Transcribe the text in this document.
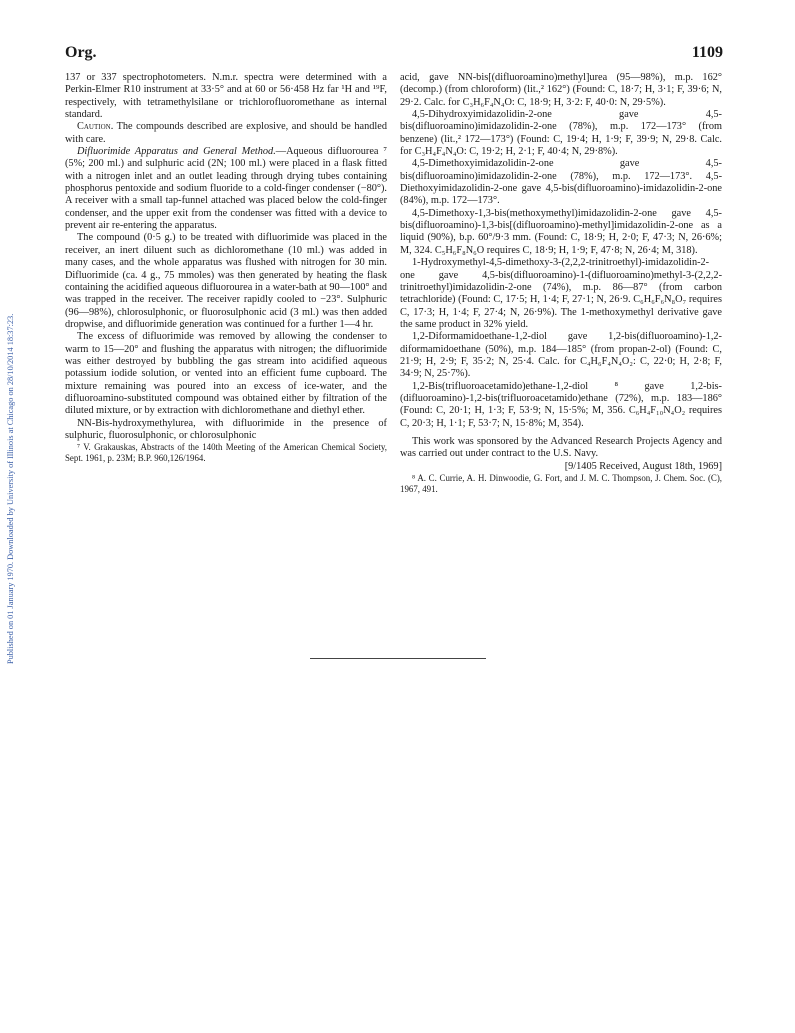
Published on 01 January 1970. Downloaded by University of Illinois at Chicago on 28/10/2014 18:37:23.
Org.	1109

137 or 337 spectrophotometers. N.m.r. spectra were determined with a Perkin-Elmer R10 instrument at 33·5° and at 60 or 56·458 Hz far ¹H and ¹⁹F, respectively, with tetramethylsilane or trichlorofluoromethane as internal standard.

Caution. The compounds described are explosive, and should be handled with care.

Difluorimide Apparatus and General Method.—Aqueous difluorourea ⁷ (5%; 200 ml.) and sulphuric acid (2N; 100 ml.) were placed in a flask fitted with a nitrogen inlet and an outlet leading through drying tubes containing phosphorus pentoxide and sodium fluoride to a cold-finger condenser (−80°). A receiver with a small tap-funnel attached was placed below the cold-finger condenser, and the upper exit from the condenser was fitted with a device to prevent air re-entering the apparatus.

The compound (0·5 g.) to be treated with difluorimide was placed in the receiver, an inert diluent such as dichloromethane (10 ml.) was added in many cases, and the whole apparatus was flushed with nitrogen for 30 min. Difluorimide (ca. 4 g., 75 mmoles) was then generated by heating the flask containing the acidified aqueous difluorourea in a water-bath at 90—100° and was trapped in the receiver. The receiver rapidly cooled to −23°. Sulphuric (96—98%), chlorosulphonic, or fluorosulphonic acid (3 ml.) was then added dropwise, and difluorimide generation was continued for a further 1—4 hr.

The excess of difluorimide was removed by allowing the condenser to warm to 15—20° and flushing the apparatus with nitrogen; the difluorimide was either destroyed by bubbling the gas stream into acidified aqueous potassium iodide solution, or vented into an efficient fume cupboard. The mixture remaining was poured into an excess of ice-water, and the difluoroamino-substituted compound was obtained either by filtration of the diluted mixture, or by extraction with dichloromethane and diethyl ether.

NN-Bis-hydroxymethylurea, with difluorimide in the presence of sulphuric, fluorosulphonic, or chlorosulphonic

⁷ V. Grakauskas, Abstracts of the 140th Meeting of the American Chemical Society, Sept. 1961, p. 23M; B.P. 960,126/1964.

acid, gave NN-bis[(difluoroamino)methyl]urea (95—98%), m.p. 162° (decomp.) (from chloroform) (lit.,² 162°) (Found: C, 18·7; H, 3·1; F, 39·6; N, 29·2. Calc. for C₃H₆F₄N₄O: C, 18·9; H, 3·2: F, 40·0: N, 29·5%).

4,5-Dihydroxyimidazolidin-2-one gave 4,5-bis(difluoroamino)imidazolidin-2-one (78%), m.p. 172—173° (from benzene) (lit.,² 172—173°) (Found: C, 19·4; H, 1·9; F, 39·9; N, 29·8. Calc. for C₃H₄F₄N₄O: C, 19·2; H, 2·1; F, 40·4; N, 29·8%).

4,5-Dimethoxyimidazolidin-2-one gave 4,5-bis(difluoroamino)imidazolidin-2-one (78%), m.p. 172—173°. 4,5-Diethoxyimidazolidin-2-one gave 4,5-bis(difluoroamino)-imidazolidin-2-one (84%), m.p. 172—173°.

4,5-Dimethoxy-1,3-bis(methoxymethyl)imidazolidin-2-one gave 4,5-bis(difluoroamino)-1,3-bis[(difluoroamino)-methyl]imidazolidin-2-one as a liquid (90%), b.p. 60°/9·3 mm. (Found: C, 18·9; H, 2·0; F, 47·3; N, 26·6%; M, 324. C₅H₆F₈N₆O requires C, 18·9; H, 1·9; F, 47·8; N, 26·4; M, 318).

1-Hydroxymethyl-4,5-dimethoxy-3-(2,2,2-trinitroethyl)-imidazolidin-2-one gave 4,5-bis(difluoroamino)-1-(difluoroamino)methyl-3-(2,2,2-trinitroethyl)imidazolidin-2-one (74%), m.p. 86—87° (from carbon tetrachloride) (Found: C, 17·5; H, 1·4; F, 27·1; N, 26·9. C₆H₆F₆N₈O₇ requires C, 17·3; H, 1·4; F, 27·4; N, 26·9%). The 1-methoxymethyl derivative gave the same product in 32% yield.

1,2-Diformamidoethane-1,2-diol gave 1,2-bis(difluoroamino)-1,2-diformamidoethane (50%), m.p. 184—185° (from propan-2-ol) (Found: C, 21·9; H, 2·9; F, 35·2; N, 25·4. Calc. for C₄H₆F₄N₄O₂: C, 22·0; H, 2·8; F, 34·9; N, 25·7%).

1,2-Bis(trifluoroacetamido)ethane-1,2-diol ⁸ gave 1,2-bis-(difluoroamino)-1,2-bis(trifluoroacetamido)ethane (72%), m.p. 183—186° (Found: C, 20·1; H, 1·3; F, 53·9; N, 15·5%; M, 356. C₆H₄F₁₀N₄O₂ requires C, 20·3; H, 1·1; F, 53·7; N, 15·8%; M, 354).

This work was sponsored by the Advanced Research Projects Agency and was carried out under contract to the U.S. Navy.

[9/1405 Received, August 18th, 1969]

⁸ A. C. Currie, A. H. Dinwoodie, G. Fort, and J. M. C. Thompson, J. Chem. Soc. (C), 1967, 491.
